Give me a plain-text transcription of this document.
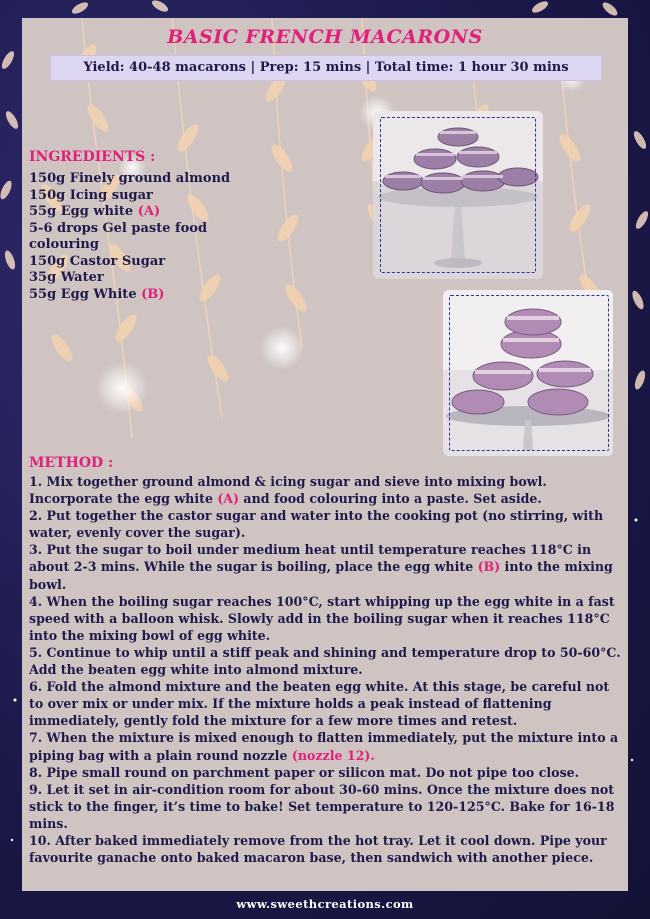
BASIC FRENCH MACARONS
Yield: 40-48 macarons | Prep: 15 mins | Total time: 1 hour 30 mins
INGREDIENTS :
150g Finely ground almond
150g Icing sugar
55g Egg white (A)
5-6 drops Gel paste food colouring
150g Castor Sugar
35g Water
55g Egg White (B)
METHOD :
1. Mix together ground almond & icing sugar and sieve into mixing bowl. Incorporate the egg white (A) and food colouring into a paste. Set aside.
2. Put together the castor sugar and water into the cooking pot (no stirring, with water, evenly cover the sugar).
3. Put the sugar to boil under medium heat until temperature reaches 118°C in about 2-3 mins. While the sugar is boiling, place the egg white (B) into the mixing bowl.
4. When the boiling sugar reaches 100°C, start whipping up the egg white in a fast speed with a balloon whisk. Slowly add in the boiling sugar when it reaches 118°C into the mixing bowl of egg white.
5. Continue to whip until a stiff peak and shining and temperature drop to 50-60°C. Add the beaten egg white into almond mixture.
6. Fold the almond mixture and the beaten egg white. At this stage, be careful not to over mix or under mix. If the mixture holds a peak instead of flattening immediately, gently fold the mixture for a few more times and retest.
7. When the mixture is mixed enough to flatten immediately, put the mixture into a piping bag with a plain round nozzle (nozzle 12).
8. Pipe small round on parchment paper or silicon mat. Do not pipe too close.
9. Let it set in air-condition room for about 30-60 mins. Once the mixture does not stick to the finger, it’s time to bake! Set temperature to 120-125°C. Bake for 16-18 mins.
10. After baked immediately remove from the hot tray. Let it cool down. Pipe your favourite ganache onto baked macaron base, then sandwich with another piece.
www.sweethcreations.com
